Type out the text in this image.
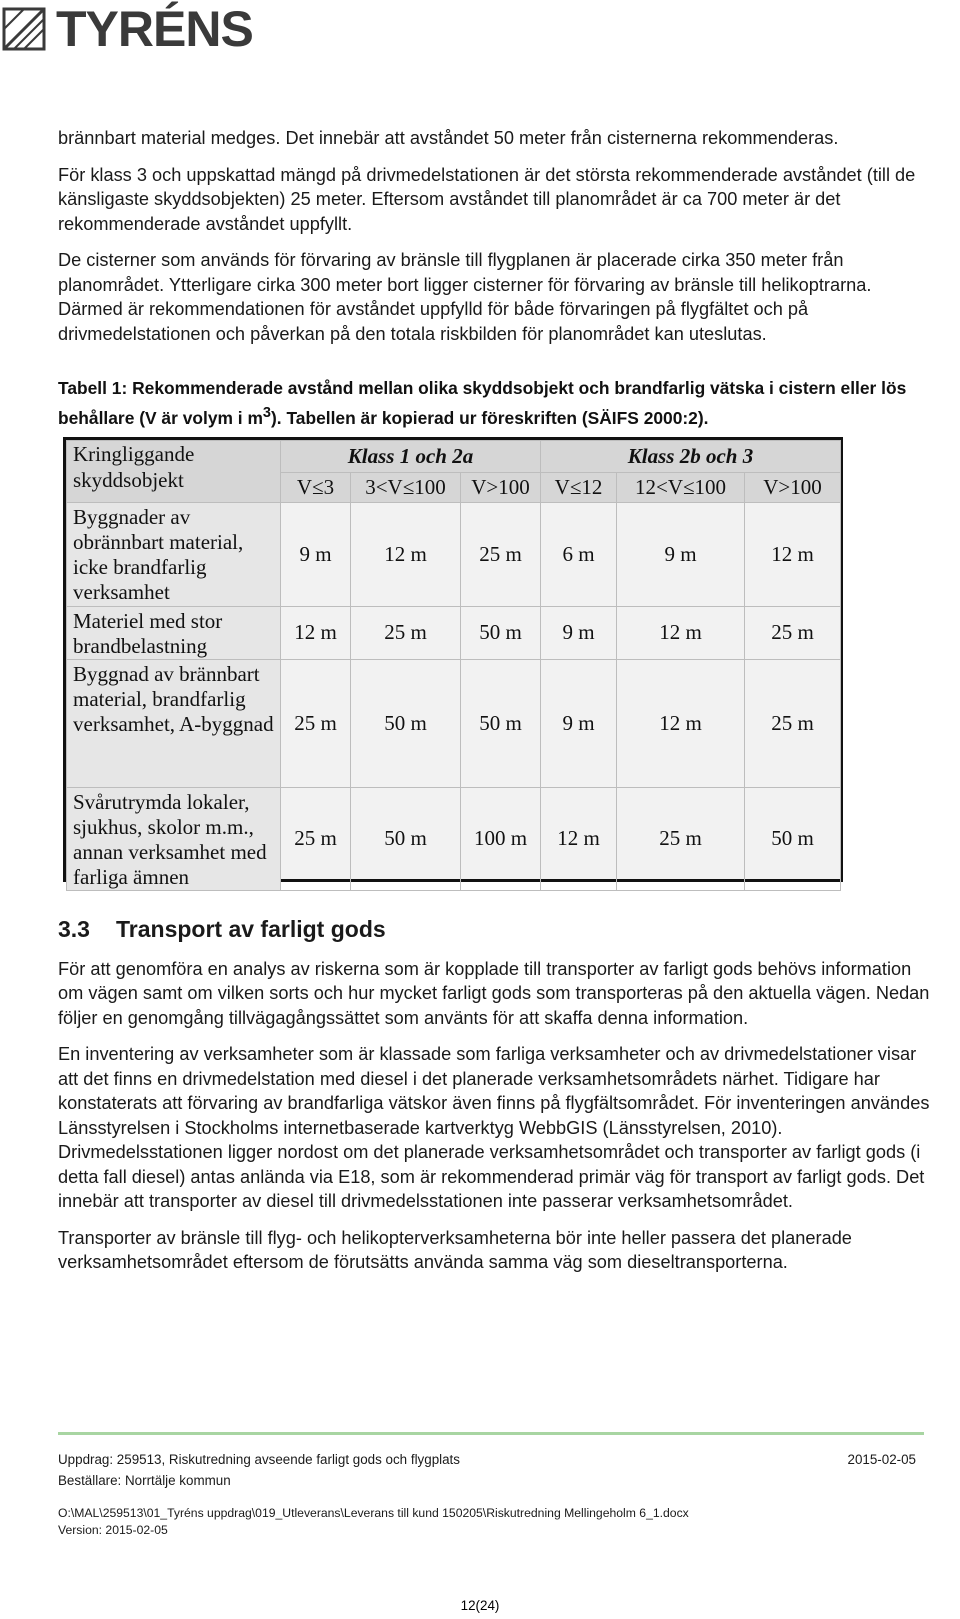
TYRÉNS

brännbart material medges. Det innebär att avståndet 50 meter från cisternerna rekommenderas.

För klass 3 och uppskattad mängd på drivmedelstationen är det största rekommenderade avståndet (till de känsligaste skyddsobjekten) 25 meter. Eftersom avståndet till planområdet är ca 700 meter är det rekommenderade avståndet uppfyllt.

De cisterner som används för förvaring av bränsle till flygplanen är placerade cirka 350 meter från planområdet. Ytterligare cirka 300 meter bort ligger cisterner för förvaring av bränsle till helikoptrarna. Därmed är rekommendationen för avståndet uppfylld för både förvaringen på flygfältet och på drivmedelstationen och påverkan på den totala riskbilden för planområdet kan uteslutas.

Tabell 1: Rekommenderade avstånd mellan olika skyddsobjekt och brandfarlig vätska i cistern eller lös behållare (V är volym i $m^3$). Tabellen är kopierad ur föreskriften (SÄIFS 2000:2).

Kringliggande skyddsobjekt	Klass 1 och 2a			Klass 2b och 3		
	V≤3	3<V≤100	V>100	V≤12	12<V≤100	V>100
Byggnader av obrännbart material, icke brandfarlig verksamhet	9 m	12 m	25 m	6 m	9 m	12 m
Materiel med stor brandbelastning	12 m	25 m	50 m	9 m	12 m	25 m
Byggnad av brännbart material, brandfarlig verksamhet, A-byggnad	25 m	50 m	50 m	9 m	12 m	25 m
Svårutrymda lokaler, sjukhus, skolor m.m., annan verksamhet med farliga ämnen	25 m	50 m	100 m	12 m	25 m	50 m
3.3 Transport av farligt gods

För att genomföra en analys av riskerna som är kopplade till transporter av farligt gods behövs information om vägen samt om vilken sorts och hur mycket farligt gods som transporteras på den aktuella vägen. Nedan följer en genomgång tillvägagångssättet som använts för att skaffa denna information.

En inventering av verksamheter som är klassade som farliga verksamheter och av drivmedelstationer visar att det finns en drivmedelstation med diesel i det planerade verksamhetsområdets närhet. Tidigare har konstaterats att förvaring av brandfarliga vätskor även finns på flygfältsområdet. För inventeringen användes Länsstyrelsen i Stockholms internetbaserade kartverktyg WebbGIS (Länsstyrelsen, 2010). Drivmedelsstationen ligger nordost om det planerade verksamhetsområdet och transporter av farligt gods (i detta fall diesel) antas anlända via E18, som är rekommenderad primär väg för transport av farligt gods. Det innebär att transporter av diesel till drivmedelsstationen inte passerar verksamhetsområdet.

Transporter av bränsle till flyg- och helikopterverksamheterna bör inte heller passera det planerade verksamhetsområdet eftersom de förutsätts använda samma väg som dieseltransporterna.

Uppdrag: 259513, Riskutredning avseende farligt gods och flygplats	2015-02-05
Beställare: Norrtälje kommun
O:\MAL\259513\01_Tyréns uppdrag\019_Utleverans\Leverans till kund 150205\Riskutredning Mellingeholm 6_1.docx
Version: 2015-02-05
12(24)
